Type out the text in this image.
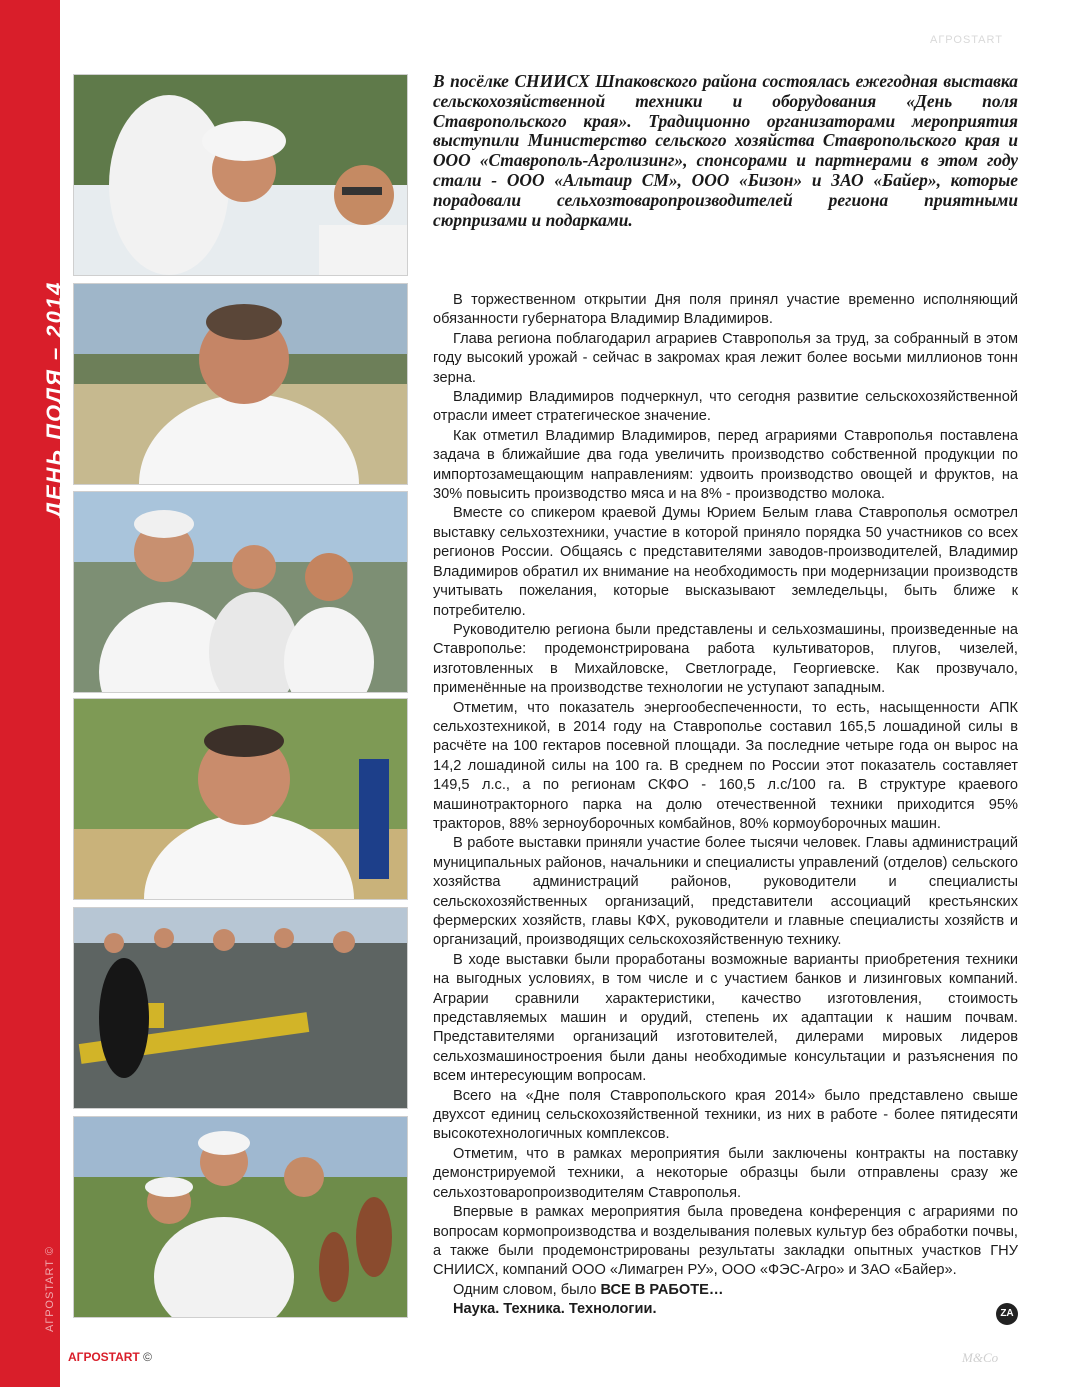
ДЕНЬ ПОЛЯ – 2014
АГРОSTART ©
АГРОSTART
В посёлке СНИИСХ Шпаковского района состоялась ежегодная выставка сельскохозяйственной техники и оборудования «День поля Ставропольского края». Традиционно организаторами мероприятия выступили Министерство сельского хозяйства Ставропольского края и ООО «Ставрополь-Агролизинг», спонсорами и партнерами в этом году стали - ООО «Альтаир СМ», ООО «Бизон» и ЗАО «Байер», которые порадовали сельхозтоваропроизводителей региона приятными сюрпризами и подарками.

В торжественном открытии Дня поля принял участие временно исполняющий обязанности губернатора Владимир Владимиров.

Глава региона поблагодарил аграриев Ставрополья за труд, за собранный в этом году высокий урожай - сейчас в закромах края лежит более восьми миллионов тонн зерна.

Владимир Владимиров подчеркнул, что сегодня развитие сельскохозяйственной отрасли имеет стратегическое значение.

Как отметил Владимир Владимиров, перед аграриями Ставрополья поставлена задача в ближайшие два года увеличить производство собственной продукции по импортозамещающим направлениям: удвоить производство овощей и фруктов, на 30% повысить производство мяса и на 8% - производство молока.

Вместе со спикером краевой Думы Юрием Белым глава Ставрополья осмотрел выставку сельхозтехники, участие в которой приняло порядка 50 участников со всех регионов России. Общаясь с представителями заводов-производителей, Владимир Владимиров обратил их внимание на необходимость при модернизации производств учитывать пожелания, которые высказывают земледельцы, быть ближе к потребителю.

Руководителю региона были представлены и сельхозмашины, произведенные на Ставрополье: продемонстрирована работа культиваторов, плугов, чизелей, изготовленных в Михайловске, Светлограде, Георгиевске. Как прозвучало, применённые на производстве технологии не уступают западным.

Отметим, что показатель энергообеспеченности, то есть, насыщенности АПК сельхозтехникой, в 2014 году на Ставрополье составил 165,5 лошадиной силы в расчёте на 100 гектаров посевной площади. За последние четыре года он вырос на 14,2 лошадиной силы на 100 га. В среднем по России этот показатель составляет 149,5 л.с., а по регионам СКФО - 160,5 л.с/100 га. В структуре краевого машинотракторного парка на долю отечественной техники приходится 95% тракторов, 88% зерноуборочных комбайнов, 80% кормоуборочных машин.

В работе выставки приняли участие более тысячи человек. Главы администраций муниципальных районов, начальники и специалисты управлений (отделов) сельского хозяйства администраций районов, руководители и специалисты сельскохозяйственных организаций, представители ассоциаций крестьянских фермерских хозяйств, главы КФХ, руководители и главные специалисты хозяйств и организаций, производящих сельскохозяйственную технику.

В ходе выставки были проработаны возможные варианты приобретения техники на выгодных условиях, в том числе и с участием банков и лизинговых компаний. Аграрии сравнили характеристики, качество изготовления, стоимость представляемых машин и орудий, степень их адаптации к нашим почвам. Представителями организаций изготовителей, дилерами мировых лидеров сельхозмашиностроения были даны необходимые консультации и разъяснения по всем интересующим вопросам.

Всего на «Дне поля Ставропольского края 2014» было представлено свыше двухсот единиц сельскохозяйственной техники, из них в работе - более пятидесяти высокотехнологичных комплексов.

Отметим, что в рамках мероприятия были заключены контракты на поставку демонстрируемой техники, а некоторые образцы были отправлены сразу же сельхозтоваропроизводителям Ставрополья.

Впервые в рамках мероприятия была проведена конференция с аграриями по вопросам кормопроизводства и возделывания полевых культур без обработки почвы, а также были продемонстрированы результаты закладки опытных участков ГНУ СНИИСХ, компаний ООО «Лимагрен РУ», ООО «ФЭС-Агро» и ЗАО «Байер».

Одним словом, было ВСЕ В РАБОТЕ…

Наука. Техника. Технологии.	ZA
АГРОSTART ©	M&Co
